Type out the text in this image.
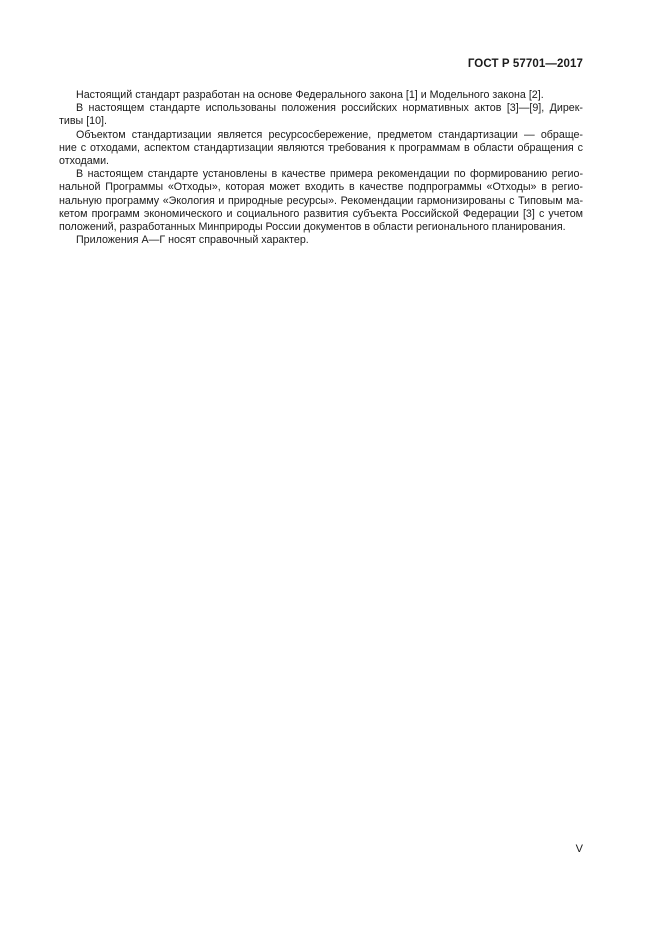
ГОСТ Р 57701—2017
Настоящий стандарт разработан на основе Федерального закона [1] и Модельного закона [2].
В настоящем стандарте использованы положения российских нормативных актов [3]—[9], Дирек-
тивы [10].
Объектом стандартизации является ресурсосбережение, предметом стандартизации — обраще-
ние с отходами, аспектом стандартизации являются требования к программам в области обращения с
отходами.
В настоящем стандарте установлены в качестве примера рекомендации по формированию регио-
нальной Программы «Отходы», которая может входить в качестве подпрограммы «Отходы» в регио-
нальную программу «Экология и природные ресурсы». Рекомендации гармонизированы с Типовым ма-
кетом программ экономического и социального развития субъекта Российской Федерации [3] с учетом
положений, разработанных Минприроды России документов в области регионального планирования.
Приложения А—Г носят справочный характер.
V
